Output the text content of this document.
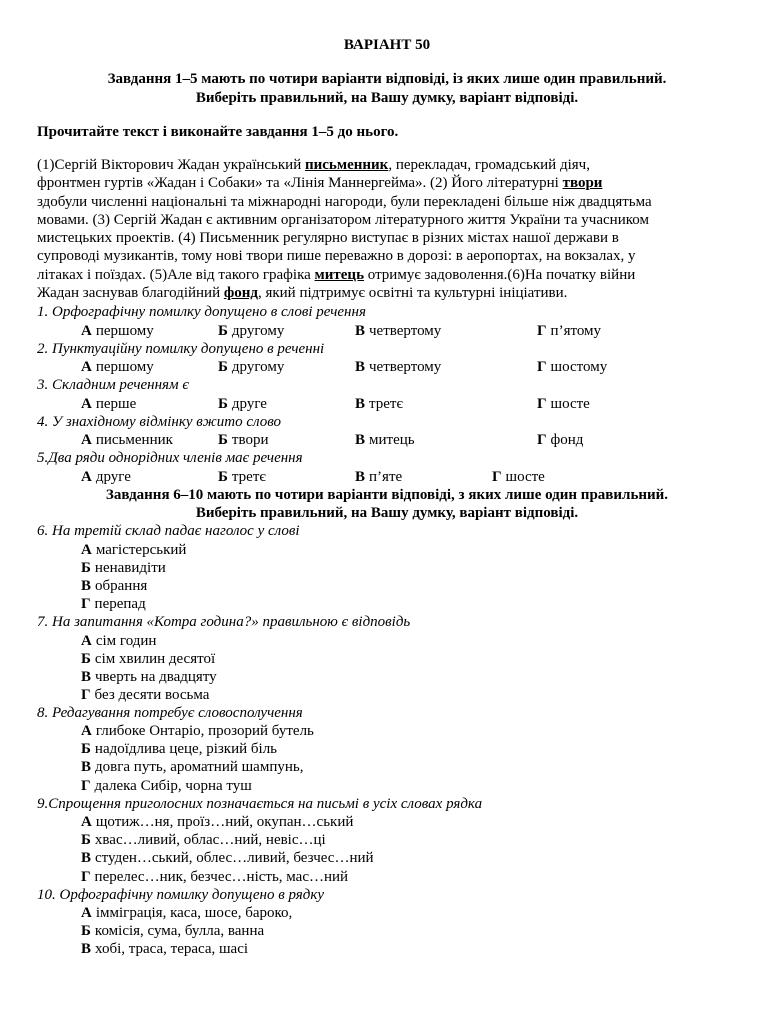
ВАРІАНТ 50
Завдання 1–5 мають по чотири варіанти відповіді, із яких лише один правильний.
Виберіть правильний, на Вашу думку, варіант відповіді.
Прочитайте текст і виконайте завдання 1–5 до нього.
(1)Сергій Вікторович Жадан український письменник, перекладач, громадський діяч,
фронтмен гуртів «Жадан і Собаки» та «Лінія Маннергейма». (2) Його літературні твори
здобули численні національні та міжнародні нагороди, були перекладені більше ніж двадцятьма
мовами. (3) Сергій Жадан є активним організатором літературного життя України та учасником
мистецьких проектів. (4) Письменник регулярно виступає в різних містах нашої держави в
супроводі музикантів, тому нові твори пише переважно в дорозі: в аеропортах, на вокзалах, у
літаках і поїздах. (5)Але від такого графіка митець отримує задоволення.(6)На початку війни
Жадан заснував благодійний фонд, який підтримує освітні та культурні ініціативи.
1. Орфографічну помилку допущено в слові речення
А першому	Б другому	В четвертому	Г п’ятому
2. Пунктуаційну помилку допущено в реченні
А першому	Б другому	В четвертому	Г шостому
3. Складним реченням є
А перше	Б друге	В третє	Г шосте
4. У знахідному відмінку вжито слово
А письменник	Б твори	В митець	Г фонд
5.Два ряди однорідних членів має речення
А друге	Б третє	В п’яте	Г шосте
Завдання 6–10 мають по чотири варіанти відповіді, з яких лише один правильний.
Виберіть правильний, на Вашу думку, варіант відповіді.
6. На третій склад падає наголос у слові
А магістерський
Б ненавидіти
В обрання
Г перепад
7. На запитання «Котра година?» правильною є відповідь
А сім годин
Б сім хвилин десятої
В чверть на двадцяту
Г без десяти восьма
8. Редагування потребує словосполучення
А глибоке Онтаріо, прозорий бутель
Б надоїдлива цеце, різкий біль
В довга путь, ароматний шампунь,
Г далека Сибір, чорна туш
9.Спрощення приголосних позначається на письмі в усіх словах рядка
А щотиж…ня, проїз…ний, окупан…ський
Б хвас…ливий, облас…ний, невіс…ці
В студен…ський, облес…ливий, безчес…ний
Г перелес…ник, безчес…ність, мас…ний
10. Орфографічну помилку допущено в рядку
А імміграція, каса, шосе, бароко,
Б комісія, сума, булла, ванна
В хобі, траса, тераса, шасі
